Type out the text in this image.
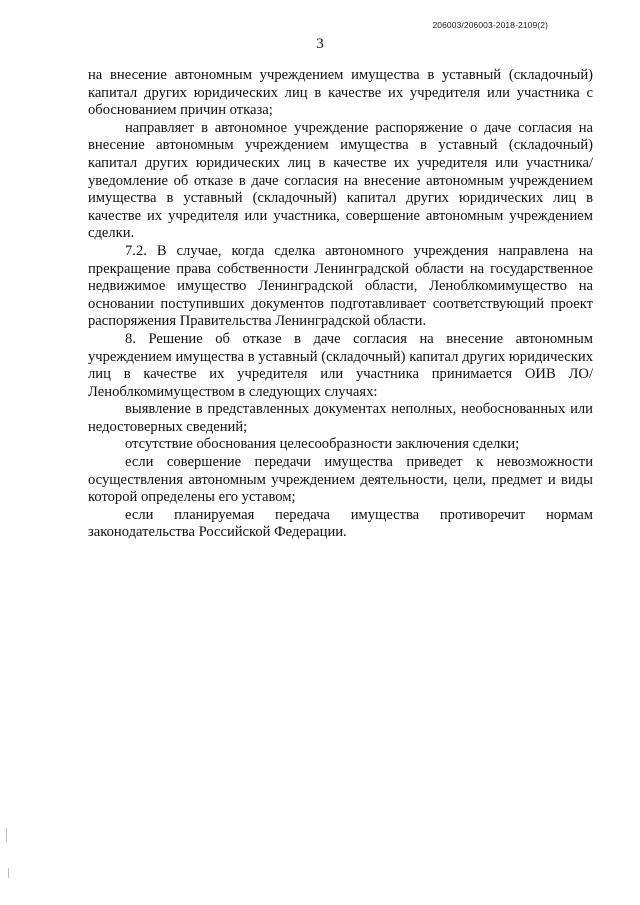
206003/206003-2018-2109(2)
3

на внесение автономным учреждением имущества в уставный (складочный) капитал других юридических лиц в качестве их учредителя или участника с обоснованием причин отказа;

направляет в автономное учреждение распоряжение о даче согласия на внесение автономным учреждением имущества в уставный (складочный) капитал других юридических лиц в качестве их учредителя или участника/уведомление об отказе в даче согласия на внесение автономным учреждением имущества в уставный (складочный) капитал других юридических лиц в качестве их учредителя или участника, совершение автономным учреждением сделки.

7.2. В случае, когда сделка автономного учреждения направлена на прекращение права собственности Ленинградской области на государственное недвижимое имущество Ленинградской области, Леноблкомимущество на основании поступивших документов подготавливает соответствующий проект распоряжения Правительства Ленинградской области.

8. Решение об отказе в даче согласия на внесение автономным учреждением имущества в уставный (складочный) капитал других юридических лиц в качестве их учредителя или участника принимается ОИВ ЛО/Леноблкомимуществом в следующих случаях:

выявление в представленных документах неполных, необоснованных или недостоверных сведений;

отсутствие обоснования целесообразности заключения сделки;

если совершение передачи имущества приведет к невозможности осуществления автономным учреждением деятельности, цели, предмет и виды которой определены его уставом;

если планируемая передача имущества противоречит нормам законодательства Российской Федерации.
